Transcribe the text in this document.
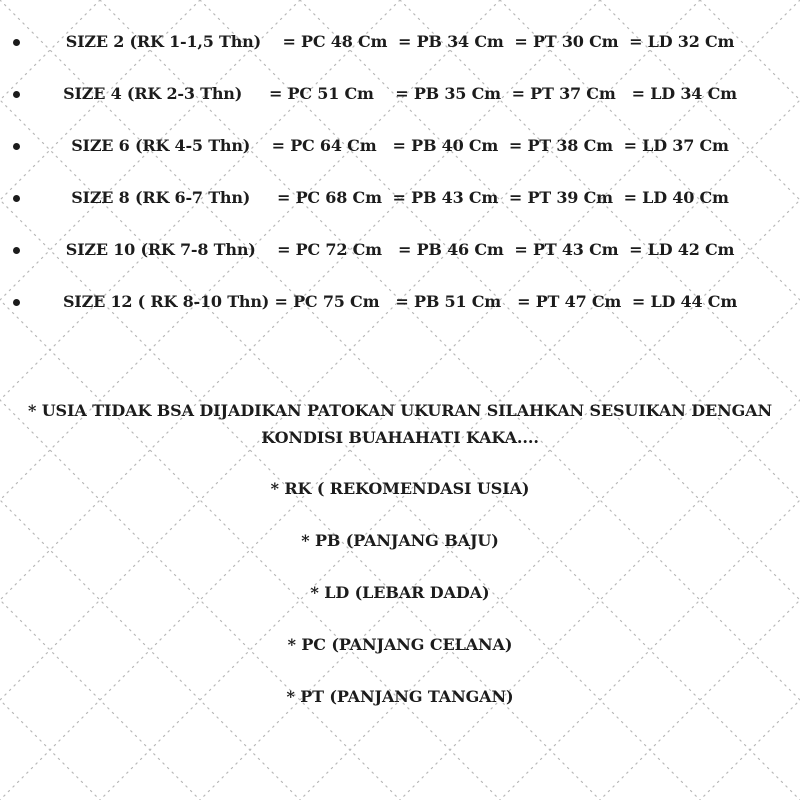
SIZE 2 (RK 1-1,5 Thn)    = PC 48 Cm  = PB 34 Cm  = PT 30 Cm  = LD 32 Cm
SIZE 4 (RK 2-3 Thn)     = PC 51 Cm    = PB 35 Cm  = PT 37 Cm   = LD 34 Cm
SIZE 6 (RK 4-5 Thn)    = PC 64 Cm   = PB 40 Cm  = PT 38 Cm  = LD 37 Cm
SIZE 8 (RK 6-7 Thn)     = PC 68 Cm  = PB 43 Cm  = PT 39 Cm  = LD 40 Cm
SIZE 10 (RK 7-8 Thn)    = PC 72 Cm   = PB 46 Cm  = PT 43 Cm  = LD 42 Cm
SIZE 12 ( RK 8-10 Thn) = PC 75 Cm   = PB 51 Cm   = PT 47 Cm  = LD 44 Cm
* USIA TIDAK BSA DIJADIKAN PATOKAN UKURAN SILAHKAN SESUIKAN DENGAN
KONDISI BUAHAHATI KAKA....
* RK ( REKOMENDASI USIA)
* PB (PANJANG BAJU)
* LD (LEBAR DADA)
* PC (PANJANG CELANA)
* PT (PANJANG TANGAN)
